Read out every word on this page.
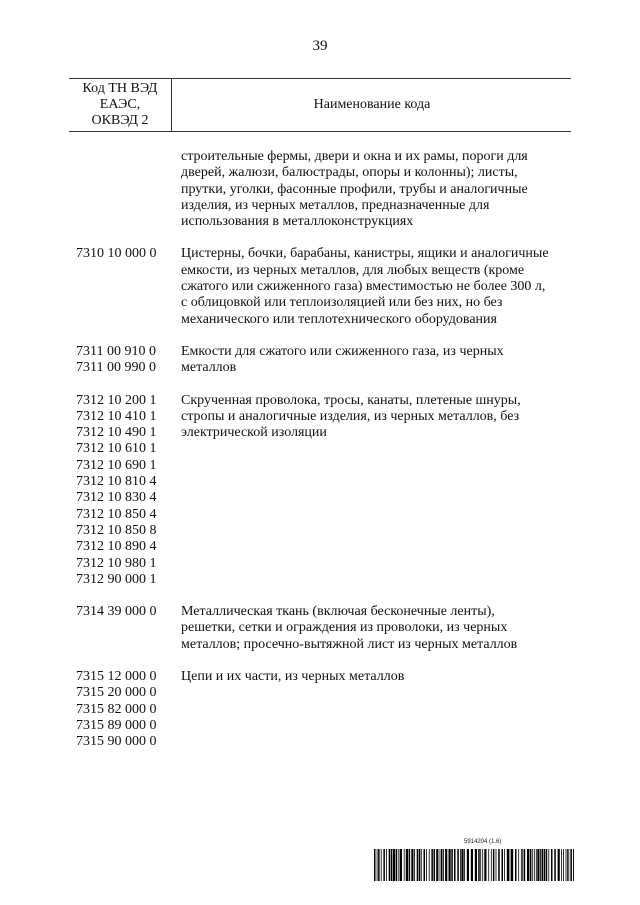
39
Код ТН ВЭД
ЕАЭС,
ОКВЭД 2
Наименование кода
строительные фермы, двери и окна и их рамы, пороги для дверей, жалюзи, балюстрады, опоры и колонны); листы, прутки, уголки, фасонные профили, трубы и аналогичные изделия, из черных металлов, предназначенные для использования в металлоконструкциях
7310 10 000 0	Цистерны, бочки, барабаны, канистры, ящики и аналогичные емкости, из черных металлов, для любых веществ (кроме сжатого или сжиженного газа) вместимостью не более 300 л, с облицовкой или теплоизоляцией или без них, но без механического или теплотехнического оборудования
7311 00 910 0
7311 00 990 0
Емкости для сжатого или сжиженного газа, из черных металлов
7312 10 200 1
7312 10 410 1
7312 10 490 1
7312 10 610 1
7312 10 690 1
7312 10 810 4
7312 10 830 4
7312 10 850 4
7312 10 850 8
7312 10 890 4
7312 10 980 1
7312 90 000 1
Скрученная проволока, тросы, канаты, плетеные шнуры, стропы и аналогичные изделия, из черных металлов, без электрической изоляции
7314 39 000 0	Металлическая ткань (включая бесконечные ленты), решетки, сетки и ограждения из проволоки, из черных металлов; просечно-вытяжной лист из черных металлов
7315 12 000 0
7315 20 000 0
7315 82 000 0
7315 89 000 0
7315 90 000 0
Цепи и их части, из черных металлов
5914204 (1.6)
